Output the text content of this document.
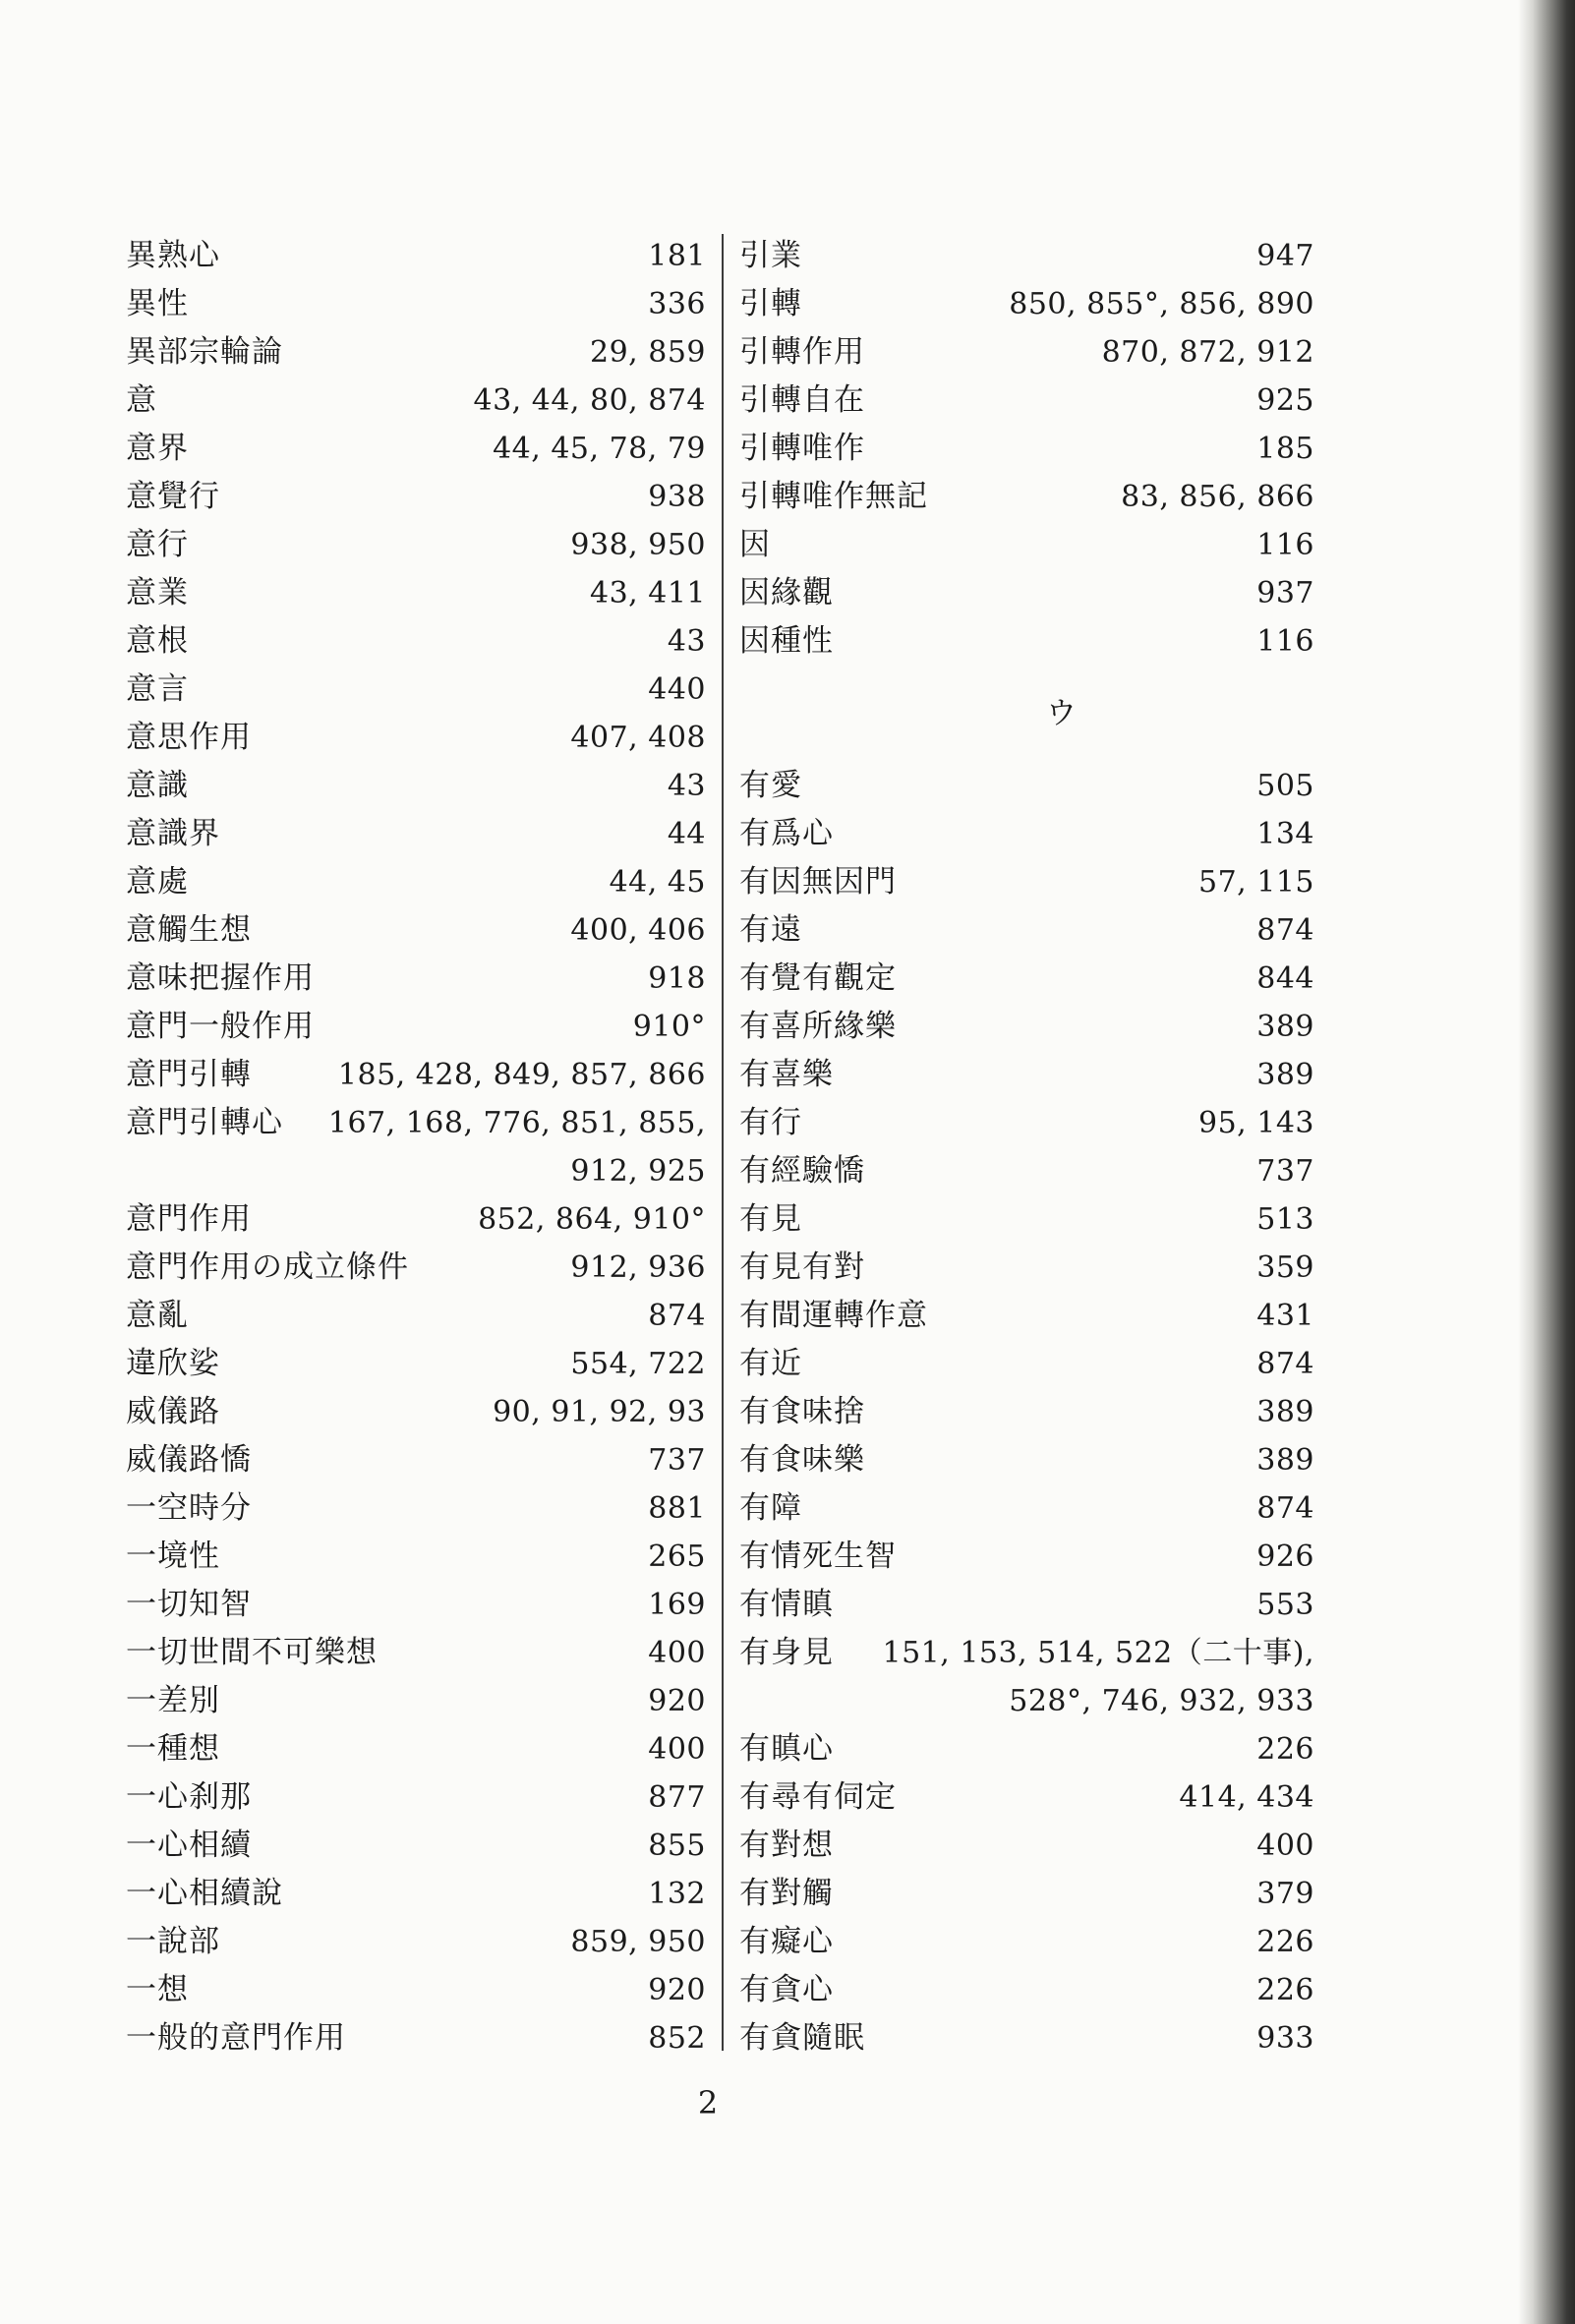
異熟心	181
異性	336
異部宗輪論	29, 859
意	43, 44, 80, 874
意界	44, 45, 78, 79
意覺行	938
意行	938, 950
意業	43, 411
意根	43
意言	440
意思作用	407, 408
意識	43
意識界	44
意處	44, 45
意觸生想	400, 406
意味把握作用	918
意門一般作用	910°
意門引轉	185, 428, 849, 857, 866
意門引轉心 167, 168, 776, 851, 855,
912, 925
意門作用	852, 864, 910°
意門作用の成立條件	912, 936
意亂	874
違欣娑	554, 722
威儀路	90, 91, 92, 93
威儀路憍	737
一空時分	881
一境性	265
一切知智	169
一切世間不可樂想	400
一差別	920
一種想	400
一心刹那	877
一心相續	855
一心相續說	132
一說部	859, 950
一想	920
一般的意門作用	852
引業	947
引轉	850, 855°, 856, 890
引轉作用	870, 872, 912
引轉自在	925
引轉唯作	185
引轉唯作無記	83, 856, 866
因	116
因緣觀	937
因種性	116
ウ
有愛	505
有爲心	134
有因無因門	57, 115
有遠	874
有覺有觀定	844
有喜所緣樂	389
有喜樂	389
有行	95, 143
有經驗憍	737
有見	513
有見有對	359
有間運轉作意	431
有近	874
有食味捨	389
有食味樂	389
有障	874
有情死生智	926
有情瞋	553
有身見 151, 153, 514, 522（二十事),
528°, 746, 932, 933
有瞋心	226
有尋有伺定	414, 434
有對想	400
有對觸	379
有癡心	226
有貪心	226
有貪隨眠	933
2
